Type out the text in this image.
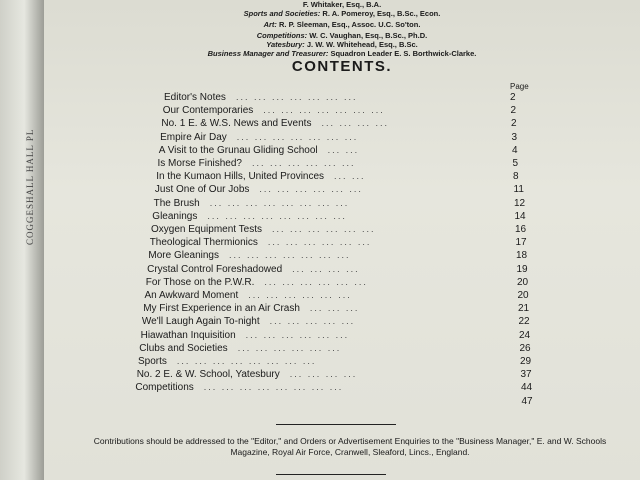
COGGESHALL HALL PL
F. Whitaker, Esq., B.A.
Sports and Societies: R. A. Pomeroy, Esq., B.Sc., Econ.
Art: R. P. Sleeman, Esq., Assoc. U.C. So'ton.
Competitions: W. C. Vaughan, Esq., B.Sc., Ph.D.
Yatesbury: J. W. W. Whitehead, Esq., B.Sc.
Business Manager and Treasurer: Squadron Leader E. S. Borthwick-Clarke.
CONTENTS.
Page
Editor's Notes ... ... ... ... ... ... ...	2
Our Contemporaries ... ... ... ... ... ... ...	2
No. 1 E. & W.S. News and Events ... ... ... ...	2
Empire Air Day ... ... ... ... ... ... ...	3
A Visit to the Grunau Gliding School ... ...	4
Is Morse Finished? ... ... ... ... ... ...	5
In the Kumaon Hills, United Provinces ... ...	8
Just One of Our Jobs ... ... ... ... ... ...	11
The Brush ... ... ... ... ... ... ... ...	12
Gleanings ... ... ... ... ... ... ... ...	14
Oxygen Equipment Tests ... ... ... ... ... ...	16
Theological Thermionics ... ... ... ... ... ...	17
More Gleanings ... ... ... ... ... ... ...	18
Crystal Control Foreshadowed ... ... ... ...	19
For Those on the P.W.R. ... ... ... ... ... ...	20
An Awkward Moment ... ... ... ... ... ...	20
My First Experience in an Air Crash ... ... ...	21
We'll Laugh Again To-night ... ... ... ... ...	22
Hiawathan Inquisition ... ... ... ... ... ...	24
Clubs and Societies ... ... ... ... ... ...	26
Sports ... ... ... ... ... ... ... ...	29
No. 2 E. & W. School, Yatesbury ... ... ... ...	37
Competitions ... ... ... ... ... ... ... ...	44
47
Contributions should be addressed to the "Editor," and Orders or Advertisement Enquiries to the "Business Manager," E. and W. Schools Magazine, Royal Air Force, Cranwell, Sleaford, Lincs., England.
